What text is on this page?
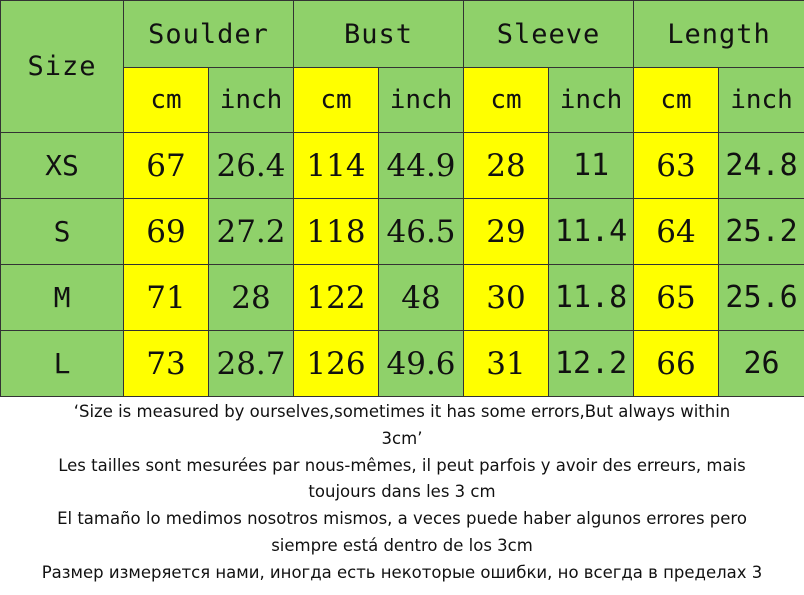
Size	Soulder		Bust		Sleeve		Length	
	cm	inch	cm	inch	cm	inch	cm	inch
XS	67	26.4	114	44.9	28	11	63	24.8
S	69	27.2	118	46.5	29	11.4	64	25.2
M	71	28	122	48	30	11.8	65	25.6
L	73	28.7	126	49.6	31	12.2	66	26
‘Size is measured by ourselves,sometimes it has some errors,But always within
3cm’
Les tailles sont mesurées par nous-mêmes, il peut parfois y avoir des erreurs, mais
toujours dans les 3 cm
El tamaño lo medimos nosotros mismos, a veces puede haber algunos errores pero
siempre está dentro de los 3cm
Размер измеряется нами, иногда есть некоторые ошибки, но всегда в пределах 3
